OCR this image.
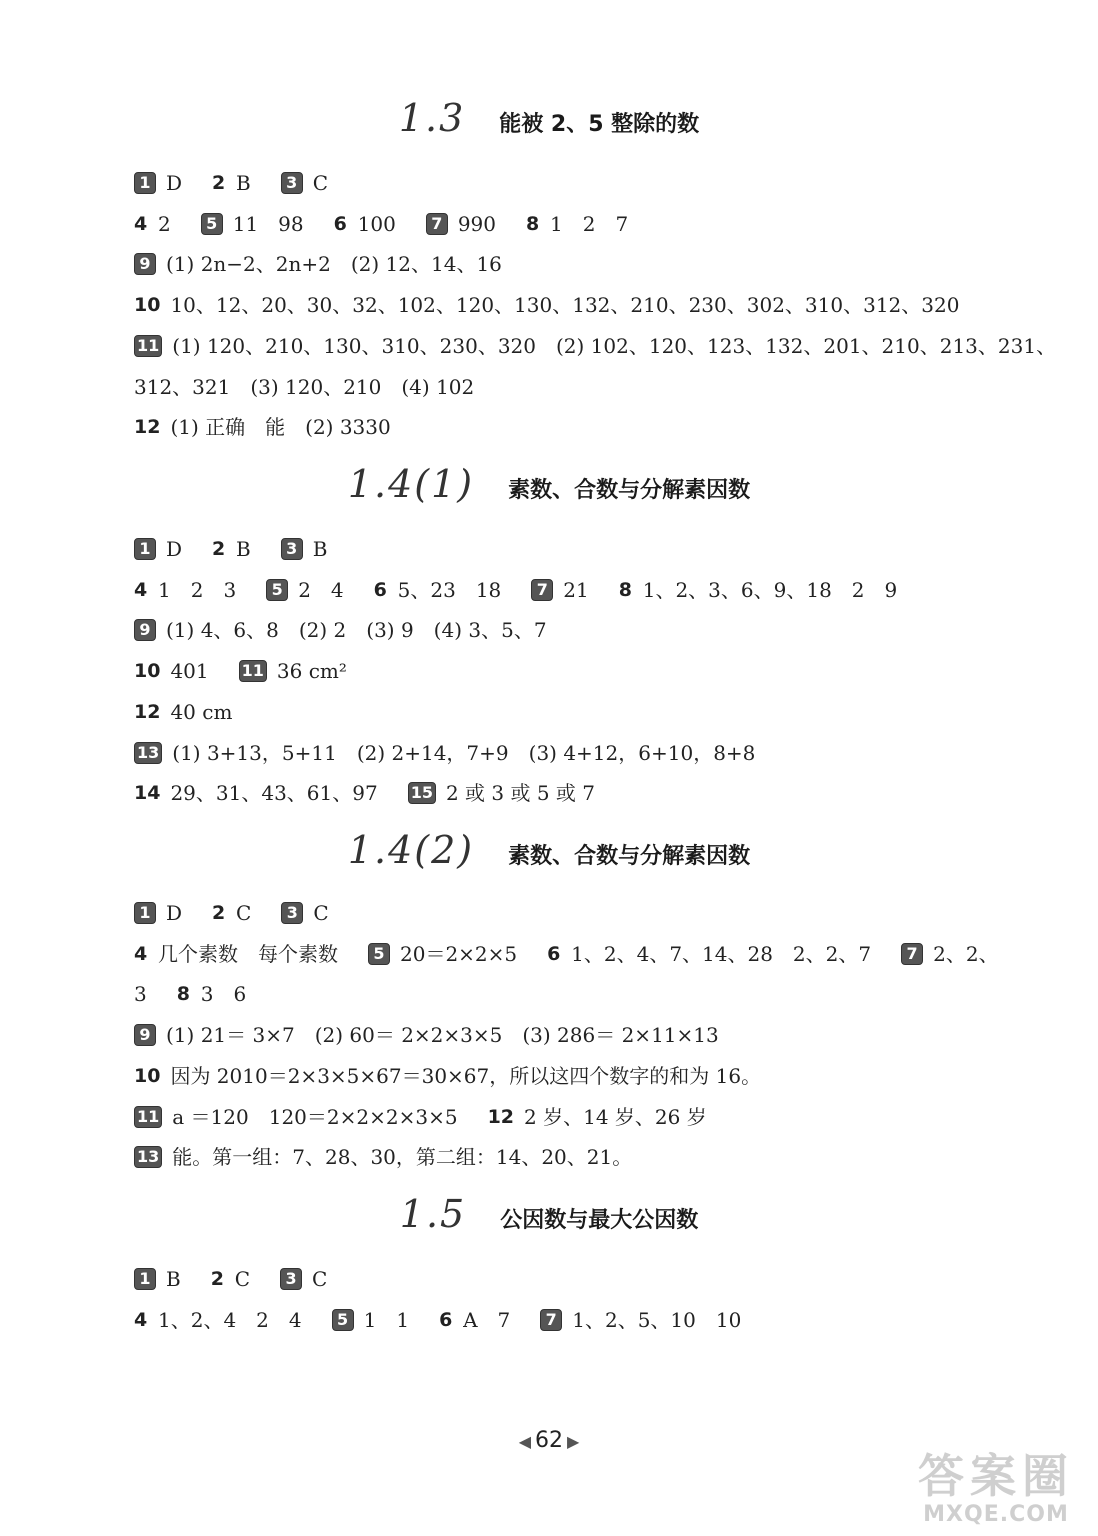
1.3 能被 2、5 整除的数
1 D 2 B	3 C
4 2	5 11　98 6 100	7 990 8 1　2　7
9 (1) 2n−2、2n+2　(2) 12、14、16
10 10、12、20、30、32、102、120、130、132、210、230、302、310、312、320
11 (1) 120、210、130、310、230、320　(2) 102、120、123、132、201、210、213、231、
312、321　(3) 120、210　(4) 102
12 (1) 正确　能　(2) 3330
1.4(1) 素数、合数与分解素因数
1 D 2 B	3 B
4 1　2　3	5 2　4 6 5、23　18	7 21 8 1、2、3、6、9、18　2　9
9 (1) 4、6、8　(2) 2　(3) 9　(4) 3、5、7
10 401 11 36 cm²
12 40 cm
13 (1) 3+13，5+11　(2) 2+14，7+9　(3) 4+12，6+10，8+8
14 29、31、43、61、97 15 2 或 3 或 5 或 7
1.4(2) 素数、合数与分解素因数
1 D 2 C	3 C
4 几个素数　每个素数	5 20＝2×2×5 6 1、2、4、7、14、28　2、2、7	7 2、2、
3 8 3　6
9 (1) 21＝ 3×7　(2) 60＝ 2×2×3×5　(3) 286＝ 2×11×13
10 因为 2010＝2×3×5×67＝30×67，所以这四个数字的和为 16。
11 a ＝120　120＝2×2×2×3×5 12 2 岁、14 岁、26 岁
13 能。第一组：7、28、30，第二组：14、20、21。
1.5 公因数与最大公因数
1 B 2 C	3 C
4 1、2、4　2　4	5 1　1 6 A　7	7 1、2、5、10　10
◀ 62 ▶
答案圈
MXQE.COM
